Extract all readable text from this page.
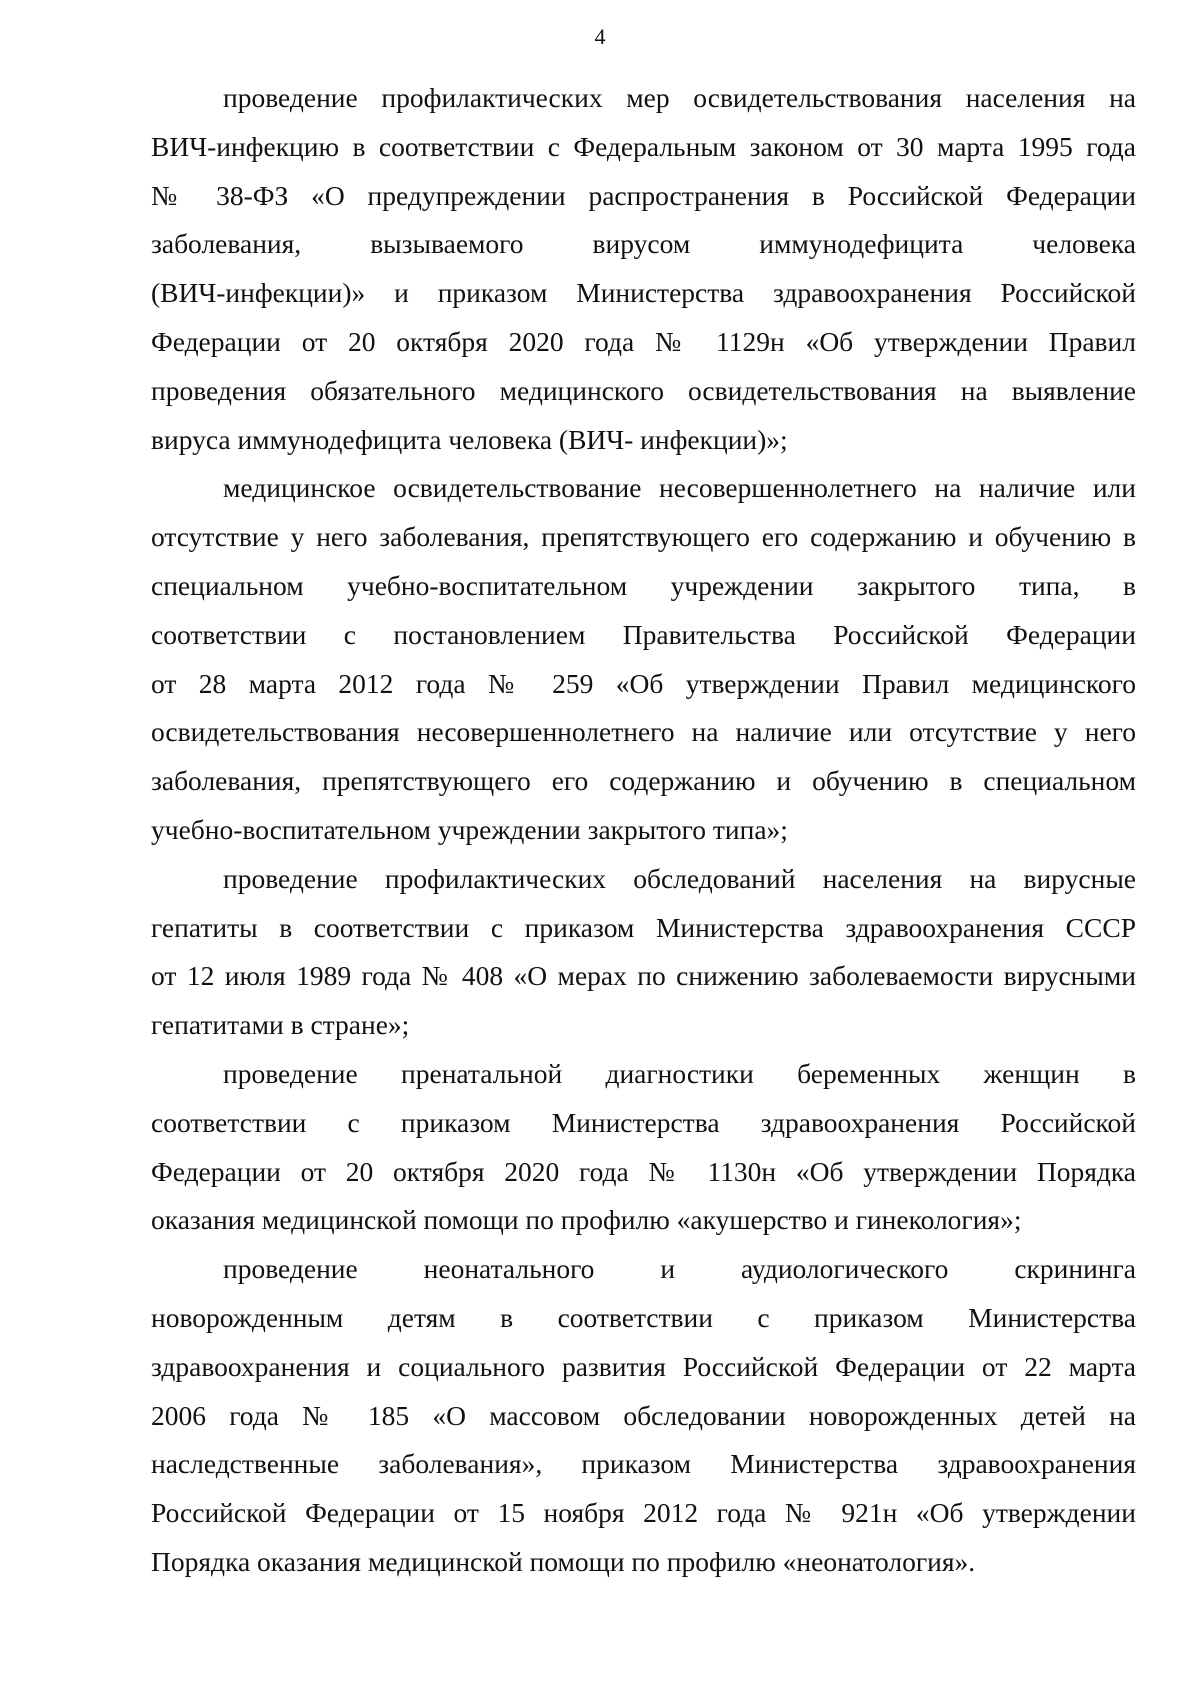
4

проведение профилактических мер освидетельствования населения на
ВИЧ-инфекцию в соответствии с Федеральным законом от 30 марта 1995 года
№ 38-ФЗ «О предупреждении распространения в Российской Федерации
заболевания, вызываемого вирусом иммунодефицита человека
(ВИЧ-инфекции)» и приказом Министерства здравоохранения Российской
Федерации от 20 октября 2020 года № 1129н «Об утверждении Правил
проведения обязательного медицинского освидетельствования на выявление
вируса иммунодефицита человека (ВИЧ- инфекции)»;

медицинское освидетельствование несовершеннолетнего на наличие или
отсутствие у него заболевания, препятствующего его содержанию и обучению в
специальном учебно-воспитательном учреждении закрытого типа, в
соответствии с постановлением Правительства Российской Федерации
от 28 марта 2012 года № 259 «Об утверждении Правил медицинского
освидетельствования несовершеннолетнего на наличие или отсутствие у него
заболевания, препятствующего его содержанию и обучению в специальном
учебно-воспитательном учреждении закрытого типа»;

проведение профилактических обследований населения на вирусные
гепатиты в соответствии с приказом Министерства здравоохранения СССР
от 12 июля 1989 года № 408 «О мерах по снижению заболеваемости вирусными
гепатитами в стране»;

проведение пренатальной диагностики беременных женщин в
соответствии с приказом Министерства здравоохранения Российской
Федерации от 20 октября 2020 года № 1130н «Об утверждении Порядка
оказания медицинской помощи по профилю «акушерство и гинекология»;

проведение неонатального и аудиологического скрининга
новорожденным детям в соответствии с приказом Министерства
здравоохранения и социального развития Российской Федерации от 22 марта
2006 года № 185 «О массовом обследовании новорожденных детей на
наследственные заболевания», приказом Министерства здравоохранения
Российской Федерации от 15 ноября 2012 года № 921н «Об утверждении
Порядка оказания медицинской помощи по профилю «неонатология».
